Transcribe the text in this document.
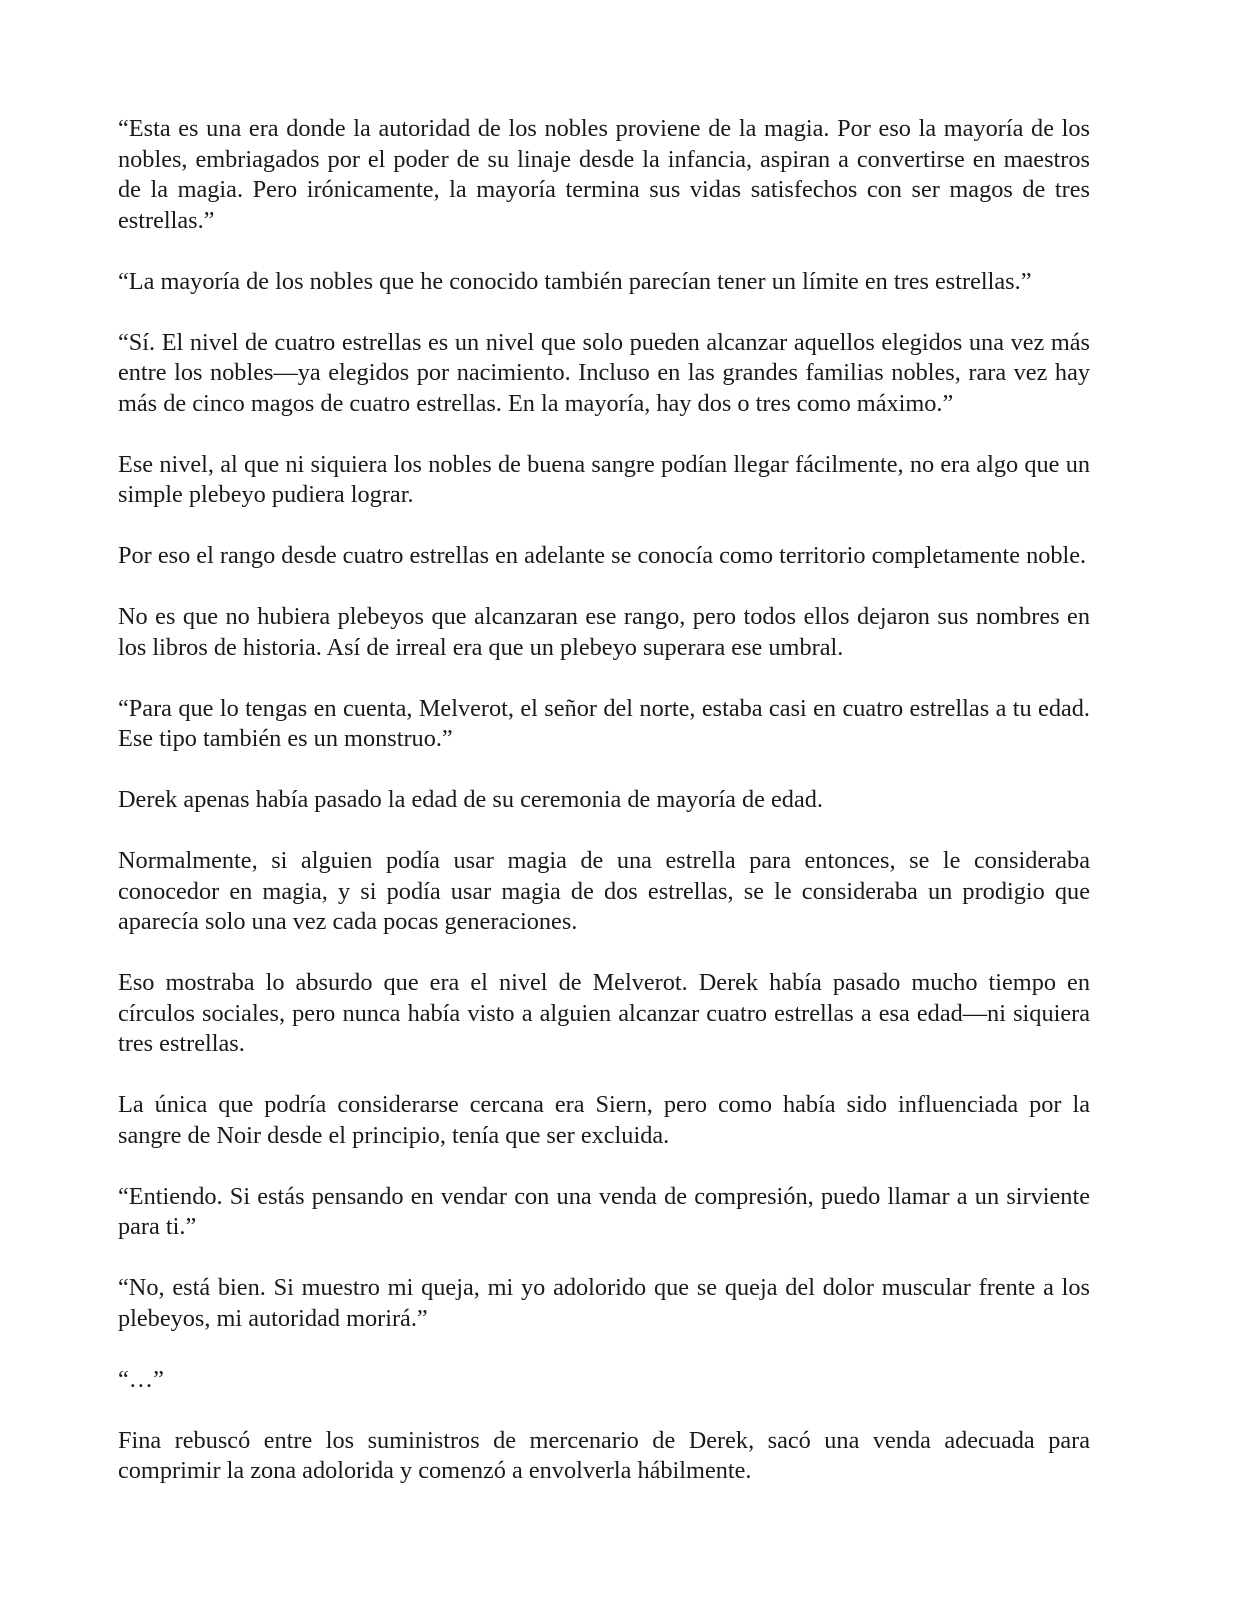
“Esta es una era donde la autoridad de los nobles proviene de la magia. Por eso la mayoría de los nobles, embriagados por el poder de su linaje desde la infancia, aspiran a convertirse en maestros de la magia. Pero irónicamente, la mayoría termina sus vidas satisfechos con ser magos de tres estrellas.”

“La mayoría de los nobles que he conocido también parecían tener un límite en tres estrellas.”

“Sí. El nivel de cuatro estrellas es un nivel que solo pueden alcanzar aquellos elegidos una vez más entre los nobles—ya elegidos por nacimiento. Incluso en las grandes familias nobles, rara vez hay más de cinco magos de cuatro estrellas. En la mayoría, hay dos o tres como máximo.”

Ese nivel, al que ni siquiera los nobles de buena sangre podían llegar fácilmente, no era algo que un simple plebeyo pudiera lograr.

Por eso el rango desde cuatro estrellas en adelante se conocía como territorio completamente noble.

No es que no hubiera plebeyos que alcanzaran ese rango, pero todos ellos dejaron sus nombres en los libros de historia. Así de irreal era que un plebeyo superara ese umbral.

“Para que lo tengas en cuenta, Melverot, el señor del norte, estaba casi en cuatro estrellas a tu edad. Ese tipo también es un monstruo.”

Derek apenas había pasado la edad de su ceremonia de mayoría de edad.

Normalmente, si alguien podía usar magia de una estrella para entonces, se le consideraba conocedor en magia, y si podía usar magia de dos estrellas, se le consideraba un prodigio que aparecía solo una vez cada pocas generaciones.

Eso mostraba lo absurdo que era el nivel de Melverot. Derek había pasado mucho tiempo en círculos sociales, pero nunca había visto a alguien alcanzar cuatro estrellas a esa edad—ni siquiera tres estrellas.

La única que podría considerarse cercana era Siern, pero como había sido influenciada por la sangre de Noir desde el principio, tenía que ser excluida.

“Entiendo. Si estás pensando en vendar con una venda de compresión, puedo llamar a un sirviente para ti.”

“No, está bien. Si muestro mi queja, mi yo adolorido que se queja del dolor muscular frente a los plebeyos, mi autoridad morirá.”

“…”

Fina rebuscó entre los suministros de mercenario de Derek, sacó una venda adecuada para comprimir la zona adolorida y comenzó a envolverla hábilmente.
